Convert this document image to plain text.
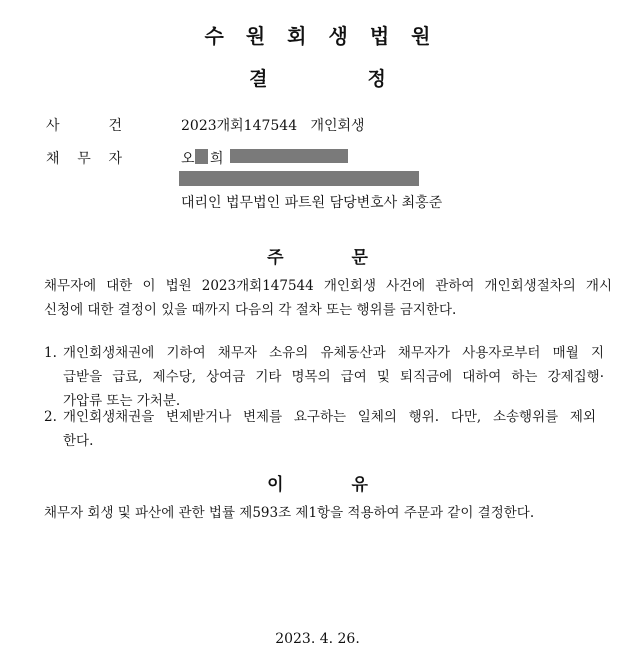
수 원 회 생 법 원
결	정
사	건	2023개회147544   개인회생
채 무 자	오 희
대리인 법무법인 파트원 담당변호사 최홍준
주	문
채무자에 대한 이 법원 2023개회147544 개인회생 사건에 관하여 개인회생절차의 개시
신청에 대한 결정이 있을 때까지 다음의 각 절차 또는 행위를 금지한다.
1. 개인회생채권에 기하여 채무자 소유의 유체동산과 채무자가 사용자로부터 매월 지
급받을 급료, 제수당, 상여금 기타 명목의 급여 및 퇴직금에 대하여 하는 강제집행·
가압류 또는 가처분.
2. 개인회생채권을 변제받거나 변제를 요구하는 일체의 행위. 다만, 소송행위를 제외
한다.
이	유
채무자 회생 및 파산에 관한 법률 제593조 제1항을 적용하여 주문과 같이 결정한다.
2023. 4. 26.
